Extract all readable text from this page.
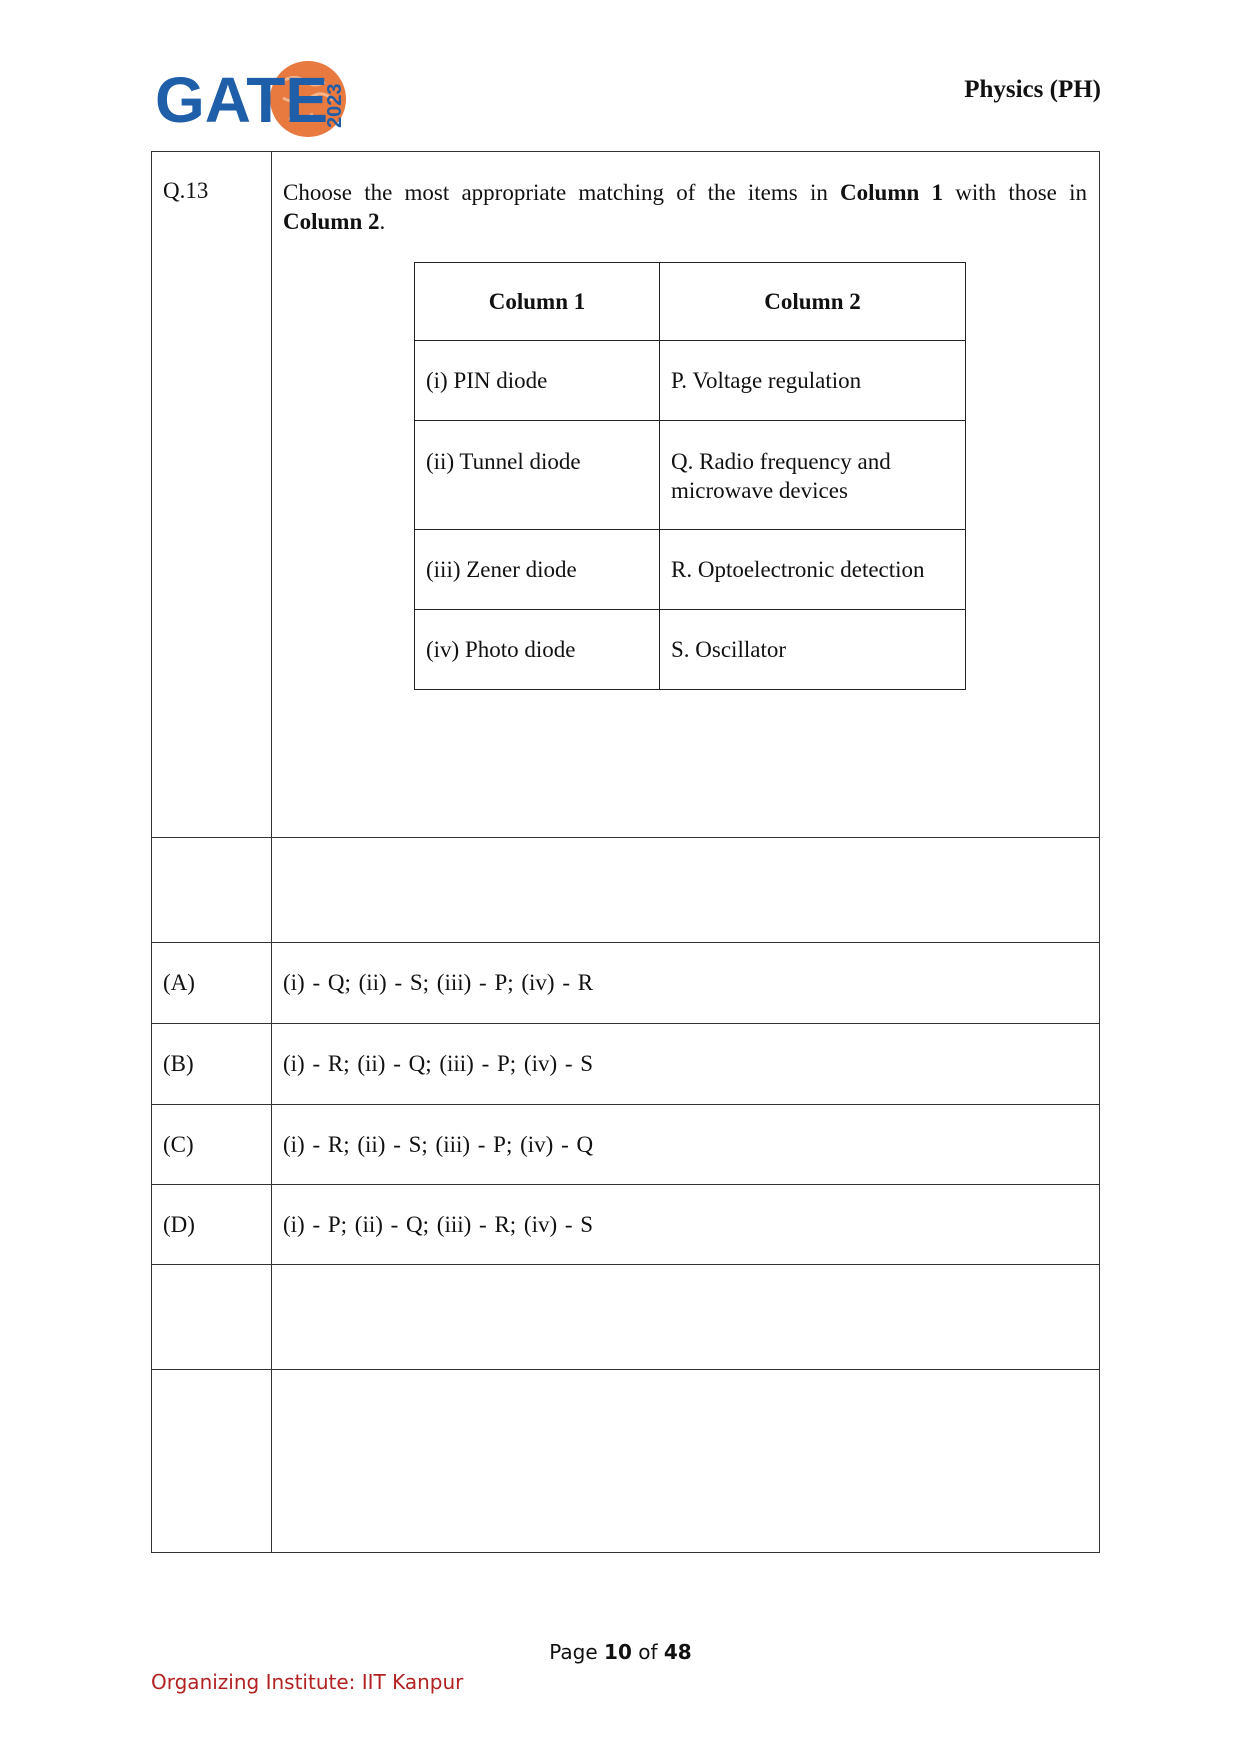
GATE
2023	Physics (PH)
Q.13	Choose the most appropriate matching of the items in Column 1 with those in Column 2.

Column 1	Column 2
(i) PIN diode	P. Voltage regulation
(ii) Tunnel diode	Q. Radio frequency and microwave devices
(iii) Zener diode	R. Optoelectronic detection
(iv) Photo diode	S. Oscillator

(A)	(i) - Q; (ii) - S; (iii) - P; (iv) - R
(B)	(i) - R; (ii) - Q; (iii) - P; (iv) - S
(C)	(i) - R; (ii) - S; (iii) - P; (iv) - Q
(D)	(i) - P; (ii) - Q; (iii) - R; (iv) - S

Page 10 of 48
Organizing Institute: IIT Kanpur
